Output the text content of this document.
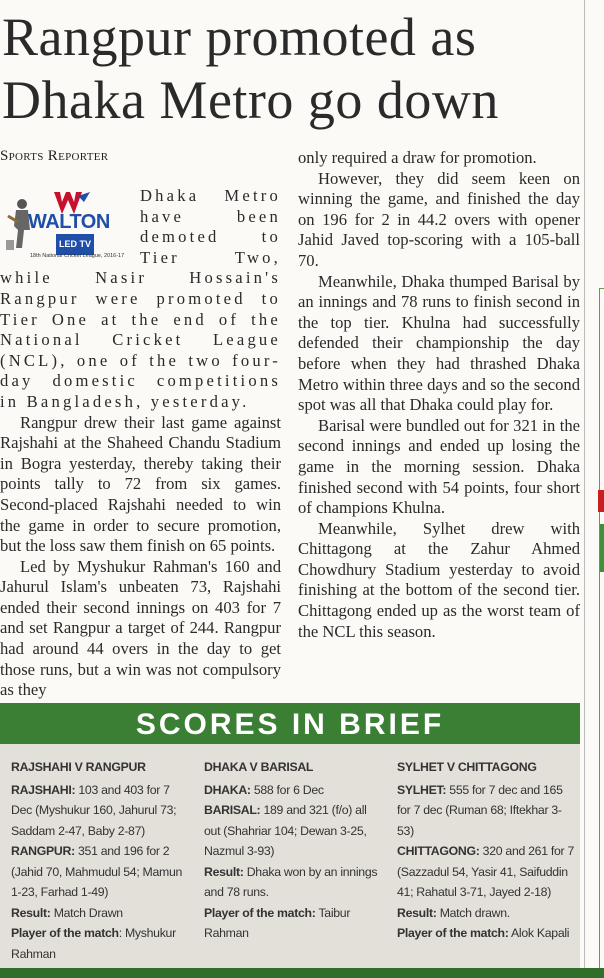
Rangpur promoted as Dhaka Metro go down
Sports Reporter
WALTON
LED TV
18th National Cricket League, 2016-17

Dhaka Metro have been demoted to Tier Two, while Nasir Hossain's Rangpur were promoted to Tier One at the end of the National Cricket League (NCL), one of the two four-day domestic competitions in Bangladesh, yesterday.

Rangpur drew their last game against Rajshahi at the Shaheed Chandu Stadium in Bogra yesterday, thereby taking their points tally to 72 from six games. Second-placed Rajshahi needed to win the game in order to secure promotion, but the loss saw them finish on 65 points.

Led by Myshukur Rahman's 160 and Jahurul Islam's unbeaten 73, Rajshahi ended their second innings on 403 for 7 and set Rangpur a target of 244. Rangpur had around 44 overs in the day to get those runs, but a win was not compulsory as they

only required a draw for promotion.

However, they did seem keen on winning the game, and finished the day on 196 for 2 in 44.2 overs with opener Jahid Javed top-scoring with a 105-ball 70.

Meanwhile, Dhaka thumped Barisal by an innings and 78 runs to finish second in the top tier. Khulna had successfully defended their championship the day before when they had thrashed Dhaka Metro within three days and so the second spot was all that Dhaka could play for.

Barisal were bundled out for 321 in the second innings and ended up losing the game in the morning session. Dhaka finished second with 54 points, four short of champions Khulna.

Meanwhile, Sylhet drew with Chittagong at the Zahur Ahmed Chowdhury Stadium yesterday to avoid finishing at the bottom of the second tier. Chittagong ended up as the worst team of the NCL this season.

SCORES IN BRIEF
RAJSHAHI V RANGPUR
RAJSHAHI: 103 and 403 for 7 Dec (Myshukur 160, Jahurul 73; Saddam 2-47, Baby 2-87)
RANGPUR: 351 and 196 for 2 (Jahid 70, Mahmudul 54; Mamun 1-23, Farhad 1-49)
Result: Match Drawn
Player of the match: Myshukur Rahman
DHAKA V BARISAL
DHAKA: 588 for 6 Dec
BARISAL: 189 and 321 (f/o) all out (Shahriar 104; Dewan 3-25, Nazmul 3-93)
Result: Dhaka won by an innings and 78 runs.
Player of the match: Taibur Rahman
SYLHET V CHITTAGONG
SYLHET: 555 for 7 dec and 165 for 7 dec (Ruman 68; Iftekhar 3-53)
CHITTAGONG: 320 and 261 for 7 (Sazzadul 54, Yasir 41, Saifuddin 41; Rahatul 3-71, Jayed 2-18)
Result: Match drawn.
Player of the match: Alok Kapali
